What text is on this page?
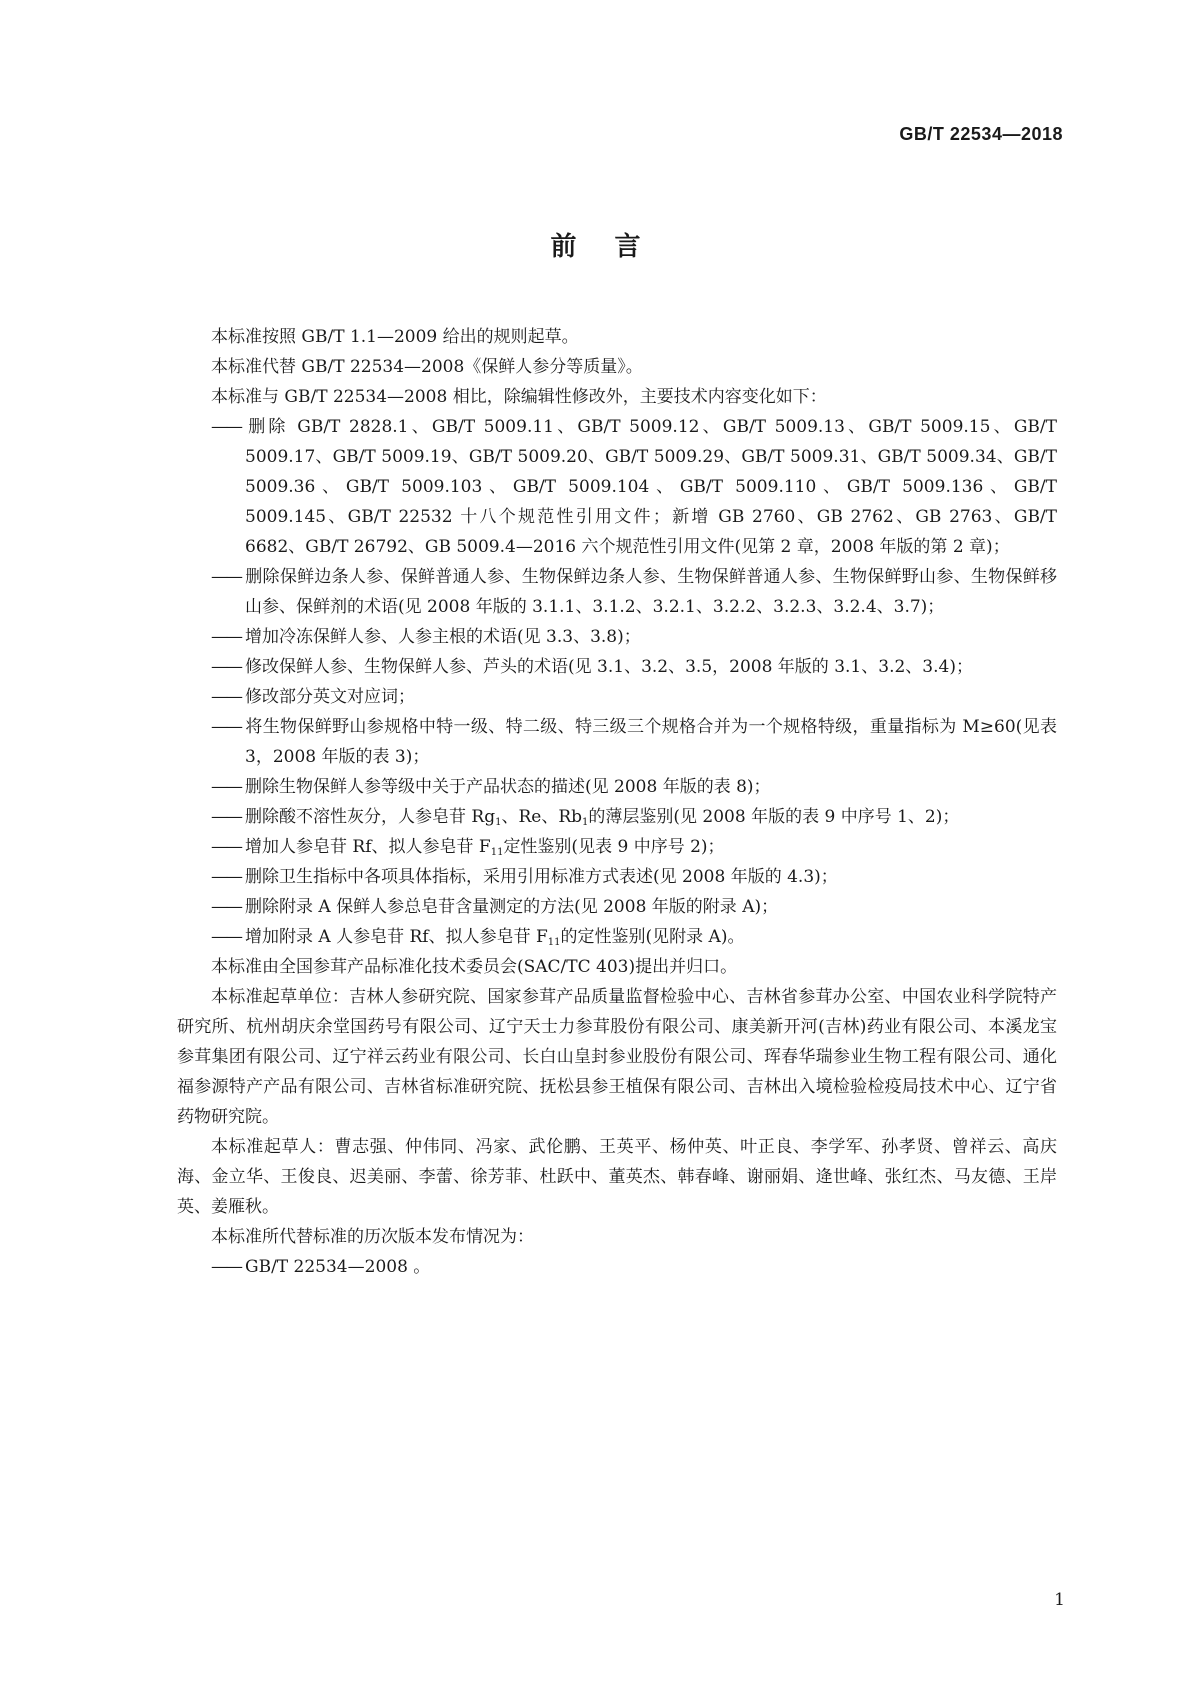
GB/T 22534—2018
前言

本标准按照 GB/T 1.1—2009 给出的规则起草。

本标准代替 GB/T 22534—2008《保鲜人参分等质量》。

本标准与 GB/T 22534—2008 相比，除编辑性修改外，主要技术内容变化如下：

—— 删除 GB/T 2828.1、GB/T 5009.11、GB/T 5009.12、GB/T 5009.13、GB/T 5009.15、GB/T 5009.17、GB/T 5009.19、GB/T 5009.20、GB/T 5009.29、GB/T 5009.31、GB/T 5009.34、GB/T 5009.36、GB/T 5009.103、GB/T 5009.104、GB/T 5009.110、GB/T 5009.136、GB/T 5009.145、GB/T 22532 十八个规范性引用文件；新增 GB 2760、GB 2762、GB 2763、GB/T 6682、GB/T 26792、GB 5009.4—2016 六个规范性引用文件(见第 2 章，2008 年版的第 2 章)；

—— 删除保鲜边条人参、保鲜普通人参、生物保鲜边条人参、生物保鲜普通人参、生物保鲜野山参、生物保鲜移山参、保鲜剂的术语(见 2008 年版的 3.1.1、3.1.2、3.2.1、3.2.2、3.2.3、3.2.4、3.7)；

—— 增加冷冻保鲜人参、人参主根的术语(见 3.3、3.8)；

—— 修改保鲜人参、生物保鲜人参、芦头的术语(见 3.1、3.2、3.5，2008 年版的 3.1、3.2、3.4)；

—— 修改部分英文对应词；

—— 将生物保鲜野山参规格中特一级、特二级、特三级三个规格合并为一个规格特级，重量指标为 M≥60(见表 3，2008 年版的表 3)；

—— 删除生物保鲜人参等级中关于产品状态的描述(见 2008 年版的表 8)；

—— 删除酸不溶性灰分，人参皂苷 $Rg_1$、Re、$Rb_1$的薄层鉴别(见 2008 年版的表 9 中序号 1、2)；

—— 增加人参皂苷 Rf、拟人参皂苷 $F_{11}$定性鉴别(见表 9 中序号 2)；

—— 删除卫生指标中各项具体指标，采用引用标准方式表述(见 2008 年版的 4.3)；

—— 删除附录 A 保鲜人参总皂苷含量测定的方法(见 2008 年版的附录 A)；

—— 增加附录 A 人参皂苷 Rf、拟人参皂苷 $F_{11}$的定性鉴别(见附录 A)。

本标准由全国参茸产品标准化技术委员会(SAC/TC 403)提出并归口。

本标准起草单位：吉林人参研究院、国家参茸产品质量监督检验中心、吉林省参茸办公室、中国农业科学院特产研究所、杭州胡庆余堂国药号有限公司、辽宁天士力参茸股份有限公司、康美新开河(吉林)药业有限公司、本溪龙宝参茸集团有限公司、辽宁祥云药业有限公司、长白山皇封参业股份有限公司、珲春华瑞参业生物工程有限公司、通化福参源特产产品有限公司、吉林省标准研究院、抚松县参王植保有限公司、吉林出入境检验检疫局技术中心、辽宁省药物研究院。

本标准起草人：曹志强、仲伟同、冯家、武伦鹏、王英平、杨仲英、叶正良、李学军、孙孝贤、曾祥云、高庆海、金立华、王俊良、迟美丽、李蕾、徐芳菲、杜跃中、董英杰、韩春峰、谢丽娟、逄世峰、张红杰、马友德、王岸英、姜雁秋。

本标准所代替标准的历次版本发布情况为：

—— GB/T 22534—2008 。

1
